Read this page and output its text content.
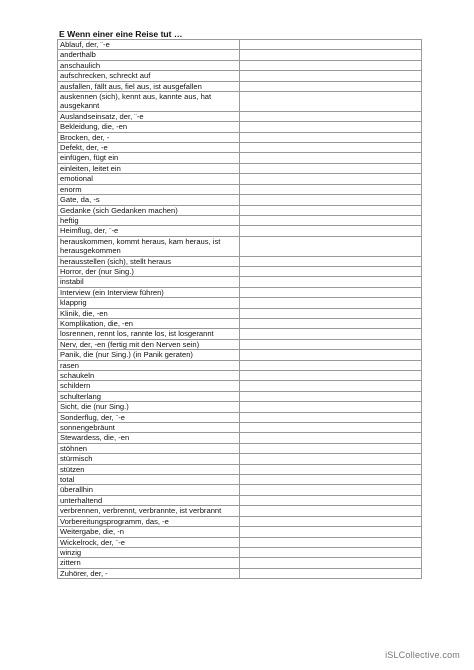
E Wenn einer eine Reise tut …
Ablauf, der, ¨-e	
anderthalb	
anschaulich	
aufschrecken, schreckt auf	
ausfallen, fällt aus, fiel aus, ist ausgefallen	
auskennen (sich), kennt aus, kannte aus, hat ausgekannt	
Auslandseinsatz, der, ¨-e	
Bekleidung, die, -en	
Brocken, der, -	
Defekt, der, -e	
einfügen, fügt ein	
einleiten, leitet ein	
emotional	
enorm	
Gate, da, -s	
Gedanke (sich Gedanken machen)	
heftig	
Heimflug, der, ¨-e	
herauskommen, kommt heraus, kam heraus, ist herausgekommen	
herausstellen (sich), stellt heraus	
Horror, der (nur Sing.)	
instabil	
Interview (ein Interview führen)	
klapprig	
Klinik, die, -en	
Komplikation, die, -en	
losrennen, rennt los, rannte los, ist losgerannt	
Nerv, der, -en (fertig mit den Nerven sein)	
Panik, die (nur Sing.) (in Panik geraten)	
rasen	
schaukeln	
schildern	
schulterlang	
Sicht, die (nur Sing.)	
Sonderflug, der, ¨-e	
sonnengebräunt	
Stewardess, die, -en	
stöhnen	
stürmisch	
stützen	
total	
überallhin	
unterhaltend	
verbrennen, verbrennt, verbrannte, ist verbrannt	
Vorbereitungsprogramm, das, -e	
Weitergabe, die, -n	
Wickelrock, der, ¨-e	
winzig	
zittern	
Zuhörer, der, -	
iSLCollective.com
